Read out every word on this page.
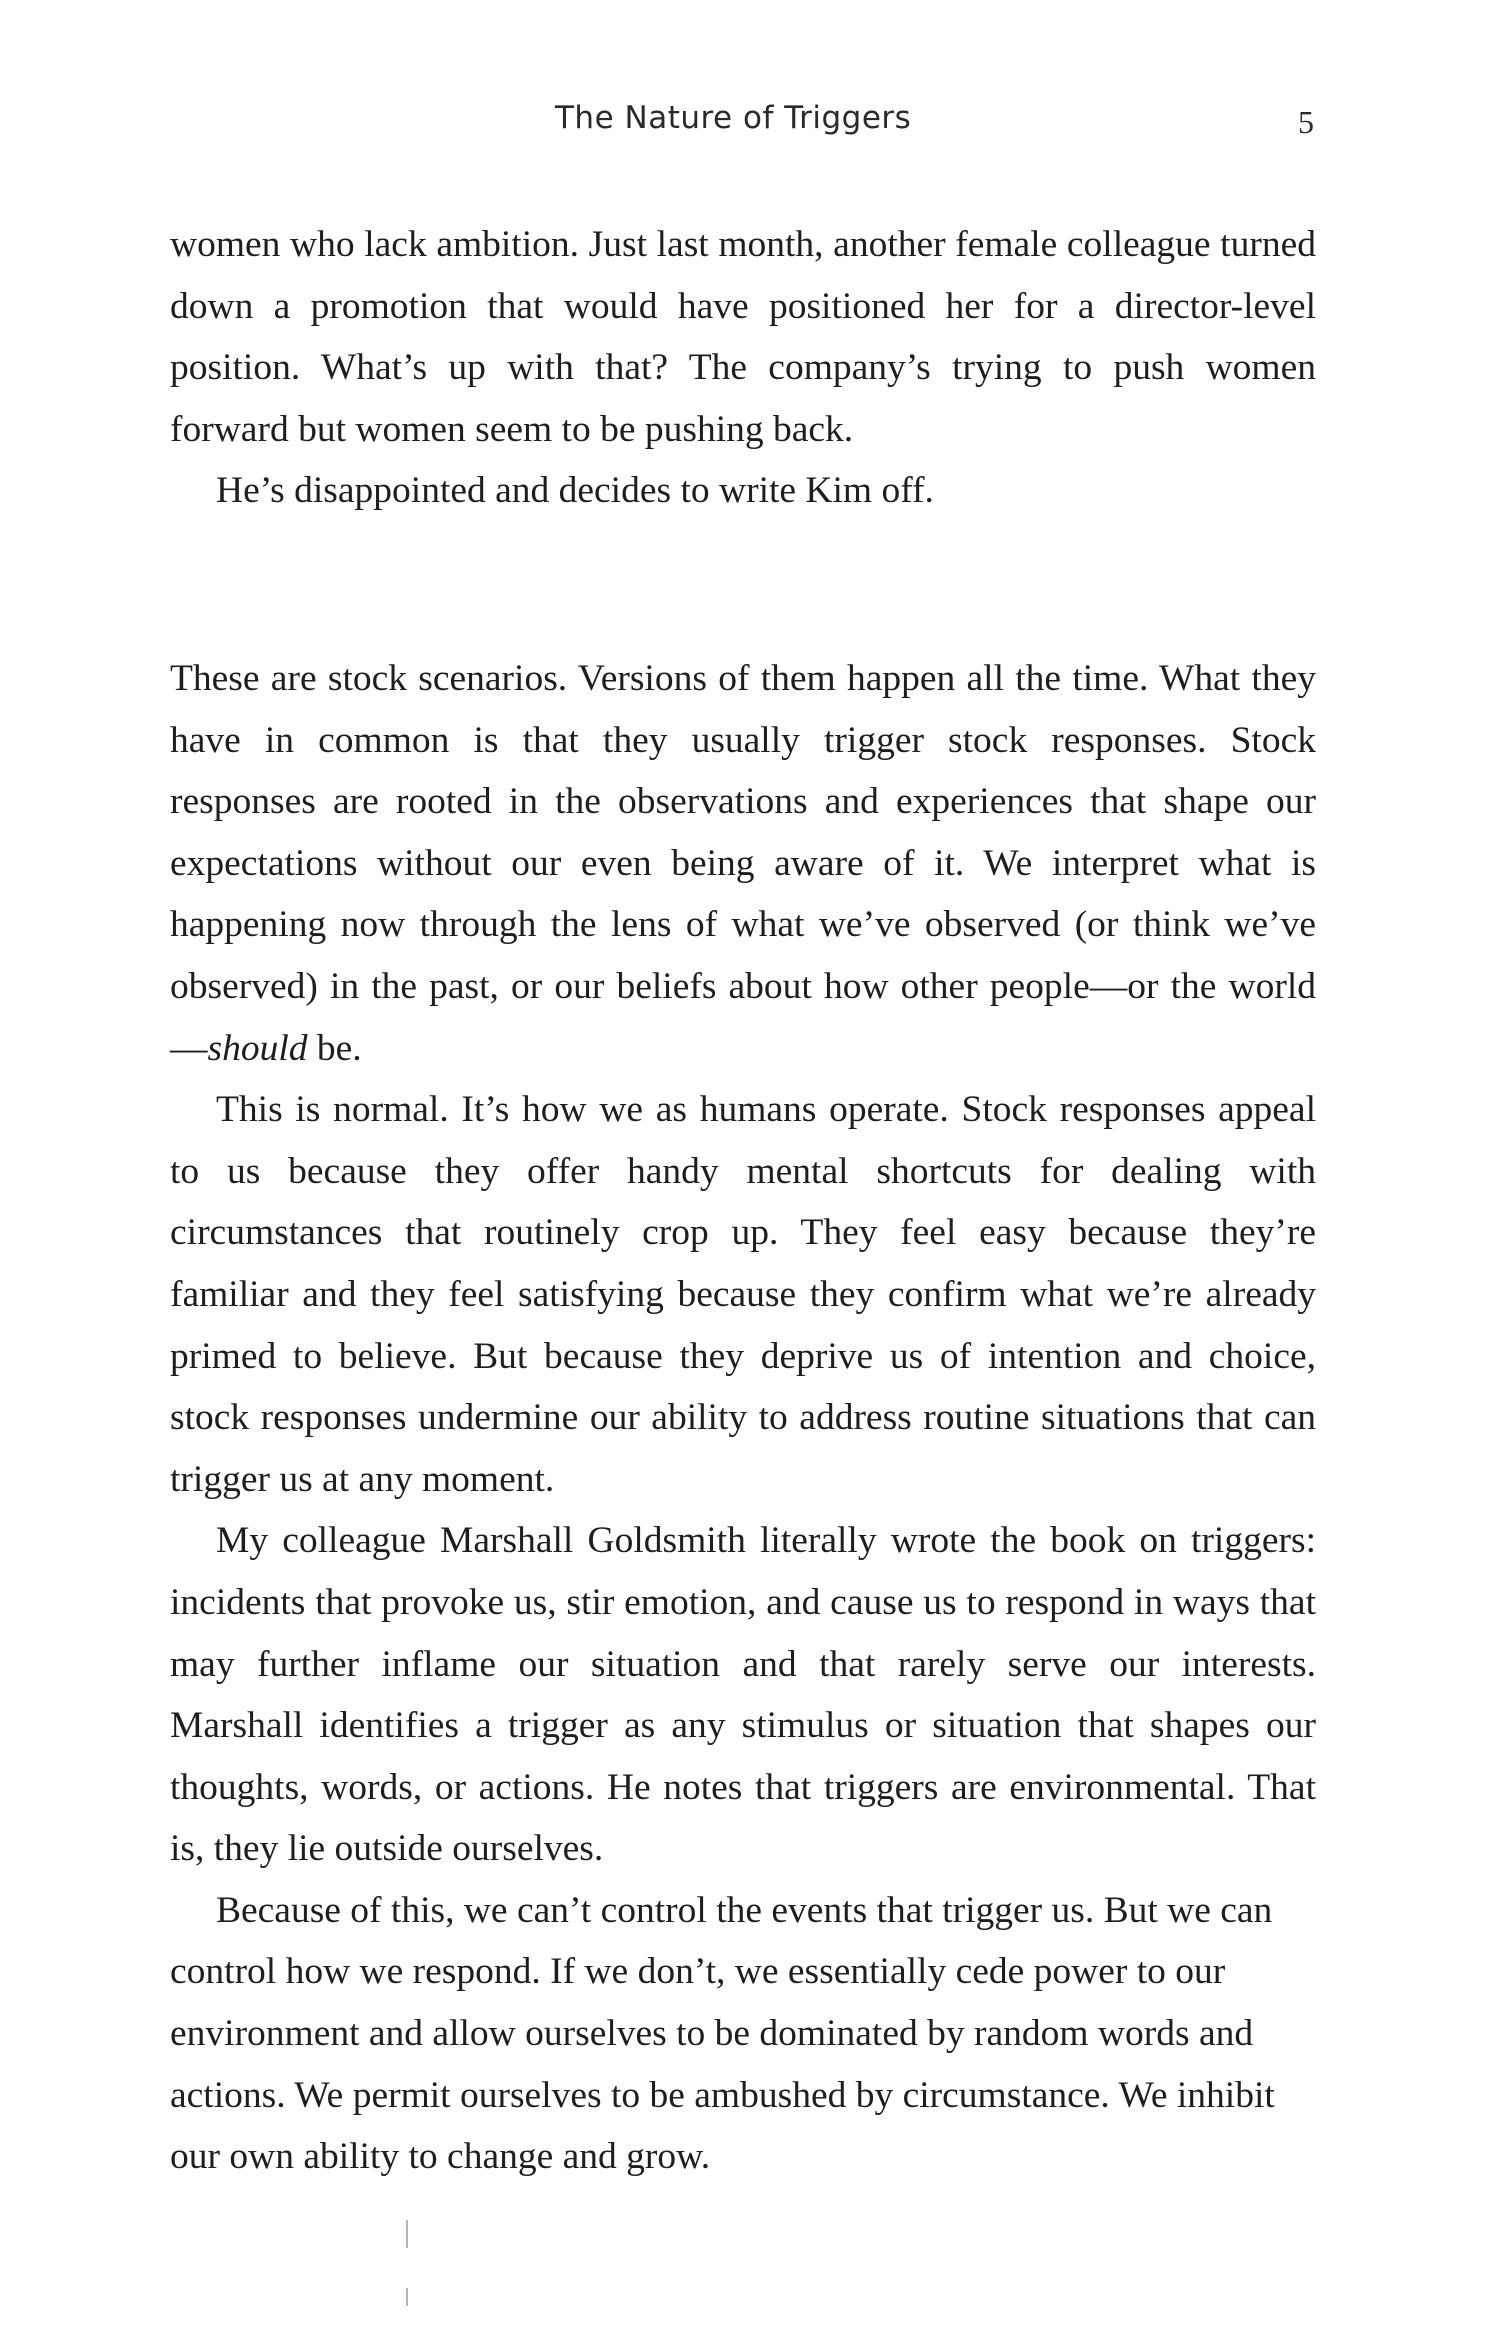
The Nature of Triggers	5

women who lack ambition. Just last month, another female colleague turned down a promotion that would have positioned her for a director-level position. What’s up with that? The company’s trying to push women forward but women seem to be pushing back.

He’s disappointed and decides to write Kim off.

These are stock scenarios. Versions of them happen all the time. What they have in common is that they usually trigger stock responses. Stock responses are rooted in the observations and experiences that shape our expectations without our even being aware of it. We interpret what is happening now through the lens of what we’ve observed (or think we’ve observed) in the past, or our beliefs about how other people—or the world—should be.

This is normal. It’s how we as humans operate. Stock responses appeal to us because they offer handy mental shortcuts for dealing with circumstances that routinely crop up. They feel easy because they’re familiar and they feel satisfying because they confirm what we’re already primed to believe. But because they deprive us of intention and choice, stock responses undermine our ability to address routine situations that can trigger us at any moment.

My colleague Marshall Goldsmith literally wrote the book on triggers: incidents that provoke us, stir emotion, and cause us to respond in ways that may further inflame our situation and that rarely serve our interests. Marshall identifies a trigger as any stimulus or situation that shapes our thoughts, words, or actions. He notes that triggers are environmental. That is, they lie outside ourselves.

Because of this, we can’t control the events that trigger us. But we can control how we respond. If we don’t, we essentially cede power to our environment and allow ourselves to be dominated by random words and actions. We permit ourselves to be ambushed by circumstance. We inhibit our own ability to change and grow.
